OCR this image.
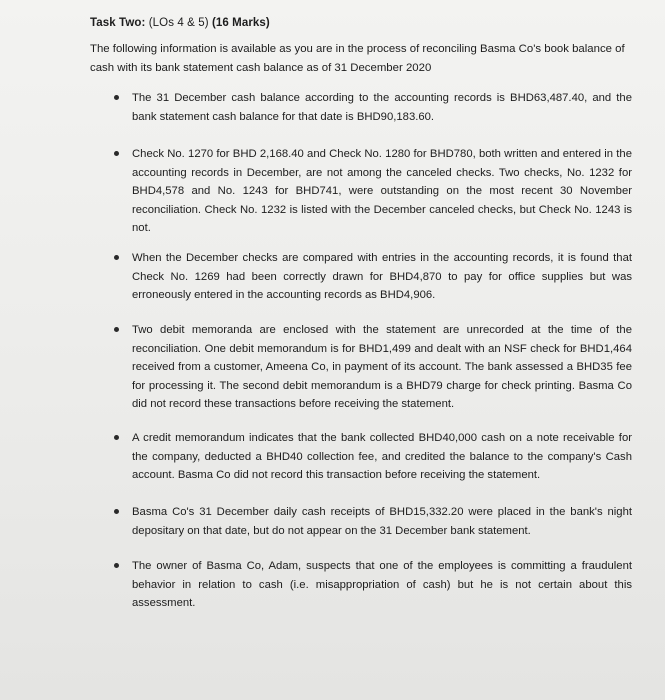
Task Two: (LOs 4 & 5) (16 Marks)
The following information is available as you are in the process of reconciling Basma Co's book balance of cash with its bank statement cash balance as of 31 December 2020
The 31 December cash balance according to the accounting records is BHD63,487.40, and the bank statement cash balance for that date is BHD90,183.60.
Check No. 1270 for BHD 2,168.40 and Check No. 1280 for BHD780, both written and entered in the accounting records in December, are not among the canceled checks. Two checks, No. 1232 for BHD4,578 and No. 1243 for BHD741, were outstanding on the most recent 30 November reconciliation. Check No. 1232 is listed with the December canceled checks, but Check No. 1243 is not.
When the December checks are compared with entries in the accounting records, it is found that Check No. 1269 had been correctly drawn for BHD4,870 to pay for office supplies but was erroneously entered in the accounting records as BHD4,906.
Two debit memoranda are enclosed with the statement are unrecorded at the time of the reconciliation. One debit memorandum is for BHD1,499 and dealt with an NSF check for BHD1,464 received from a customer, Ameena Co, in payment of its account. The bank assessed a BHD35 fee for processing it. The second debit memorandum is a BHD79 charge for check printing. Basma Co did not record these transactions before receiving the statement.
A credit memorandum indicates that the bank collected BHD40,000 cash on a note receivable for the company, deducted a BHD40 collection fee, and credited the balance to the company's Cash account. Basma Co did not record this transaction before receiving the statement.
Basma Co's 31 December daily cash receipts of BHD15,332.20 were placed in the bank's night depositary on that date, but do not appear on the 31 December bank statement.
The owner of Basma Co, Adam, suspects that one of the employees is committing a fraudulent behavior in relation to cash (i.e. misappropriation of cash) but he is not certain about this assessment.
